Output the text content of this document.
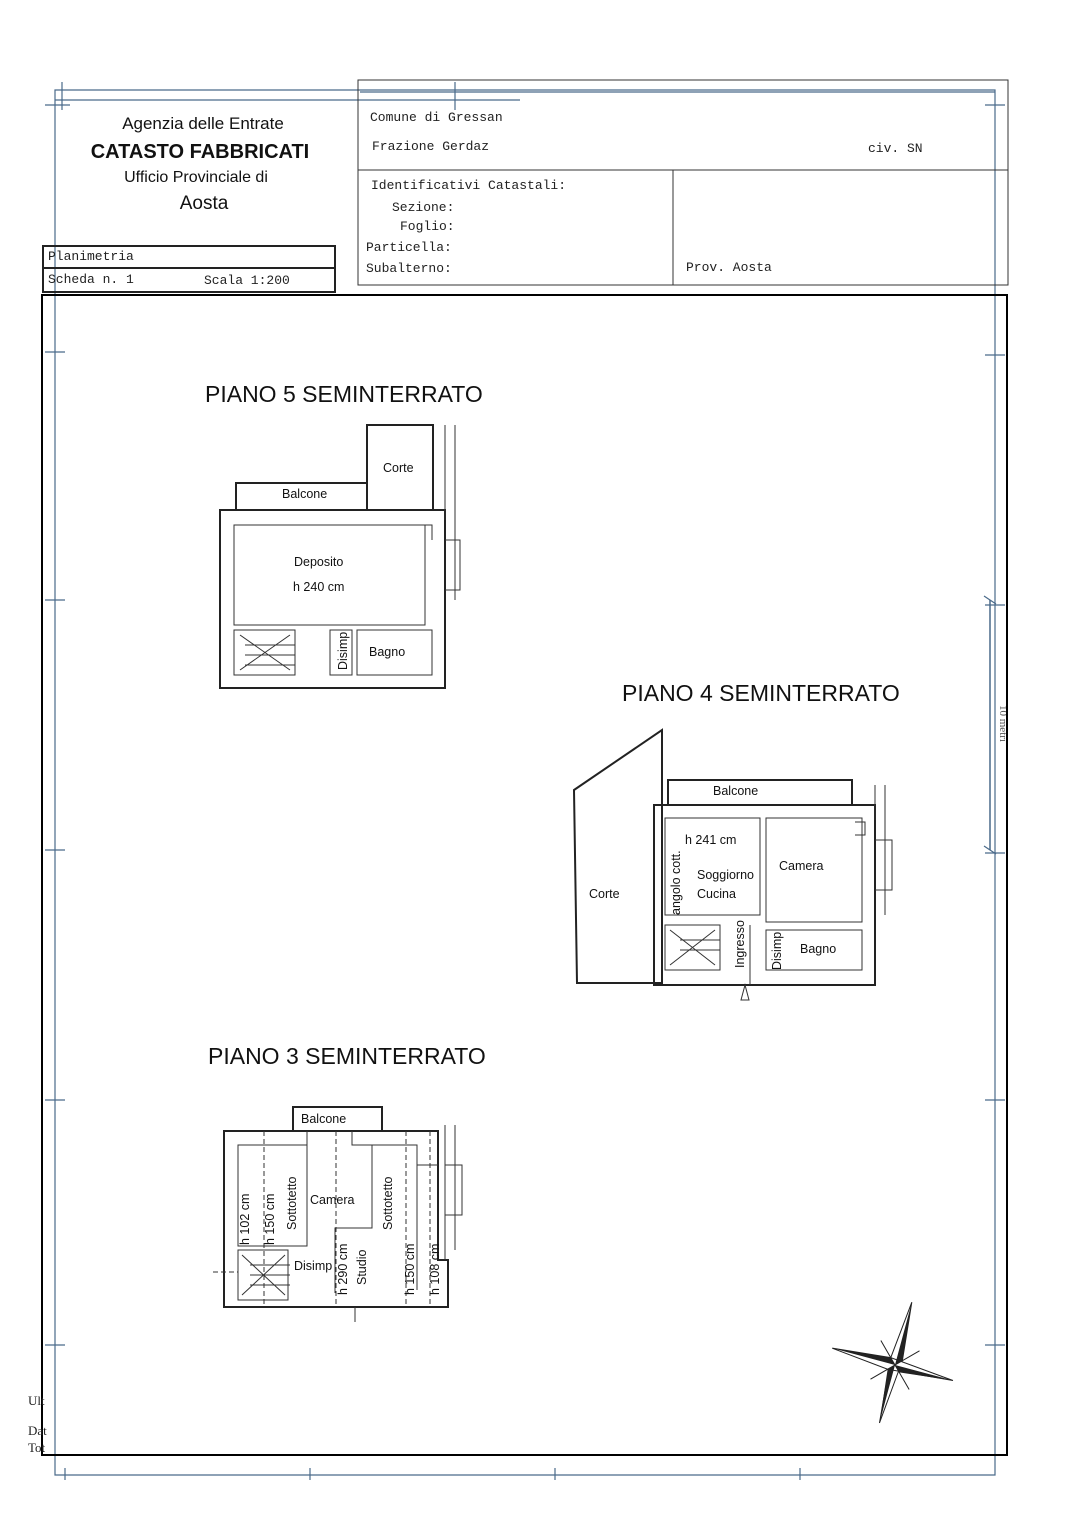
10 metri
Agenzia delle Entrate
CATASTO FABBRICATI
Ufficio Provinciale di
Aosta
Comune di Gressan
Frazione Gerdaz	civ. SN
Identificativi Catastali:
Sezione:
Foglio:
Particella:
Subalterno:	Prov. Aosta
Planimetria
Scheda n. 1	Scala 1:200
PIANO 5 SEMINTERRATO
Corte
Balcone
Deposito
h 240 cm
Disimp Bagno
PIANO 4 SEMINTERRATO
Balcone
h 241 cm
angolo cott. Soggiorno
Cucina
Camera
Corte
Ingresso Disimp Bagno
PIANO 3 SEMINTERRATO
Balcone
Sottotetto
h 102 cm h 150 cm	Camera Sottotetto
Disimp h 290 cm Studio	h 150 cm h 108 cm
Ult
Dat
Tot
